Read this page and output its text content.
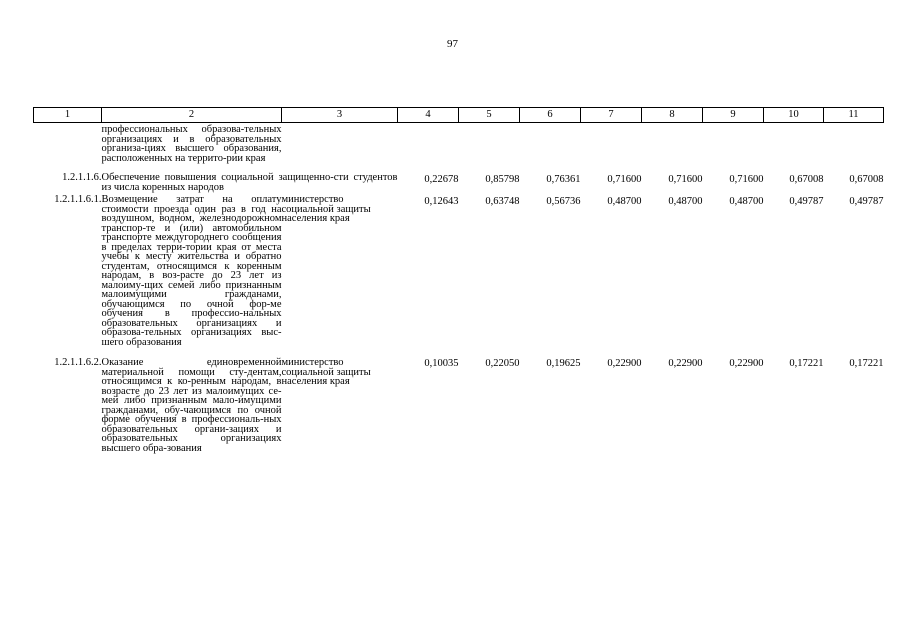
97
1	2	3	4	5	6	7	8	9	10	11
	профессиональных образова-тельных организациях и в образовательных организа-циях высшего образования, расположенных на террито-рии края									
1.2.1.1.6.	Обеспечение повышения социальной защищенно-сти студентов из числа коренных народов		0,22678	0,85798	0,76361	0,71600	0,71600	0,71600	0,67008	0,67008
1.2.1.1.6.1.	Возмещение затрат на оплату стоимости проезда один раз в год на воздушном, водном, железнодорожном транспор-те и (или) автомобильном транспорте междугороднего сообщения в пределах терри-тории края от места учебы к месту жительства и обратно студентам, относящимся к коренным народам, в воз-расте до 23 лет из малоиму-щих семей либо признанным малоимущими гражданами, обучающимся по очной фор-ме обучения в профессио-нальных образовательных организациях и образова-тельных организациях выс-шего образования	министерство социальной защиты населения края	0,12643	0,63748	0,56736	0,48700	0,48700	0,48700	0,49787	0,49787
1.2.1.1.6.2.	Оказание единовременной материальной помощи сту-дентам, относящимся к ко-ренным народам, в возрасте до 23 лет из малоимущих се-мей либо признанным мало-имущими гражданами, обу-чающимся по очной форме обучения в профессиональ-ных образовательных органи-зациях и образовательных организациях высшего обра-зования	министерство социальной защиты населения края	0,10035	0,22050	0,19625	0,22900	0,22900	0,22900	0,17221	0,17221
